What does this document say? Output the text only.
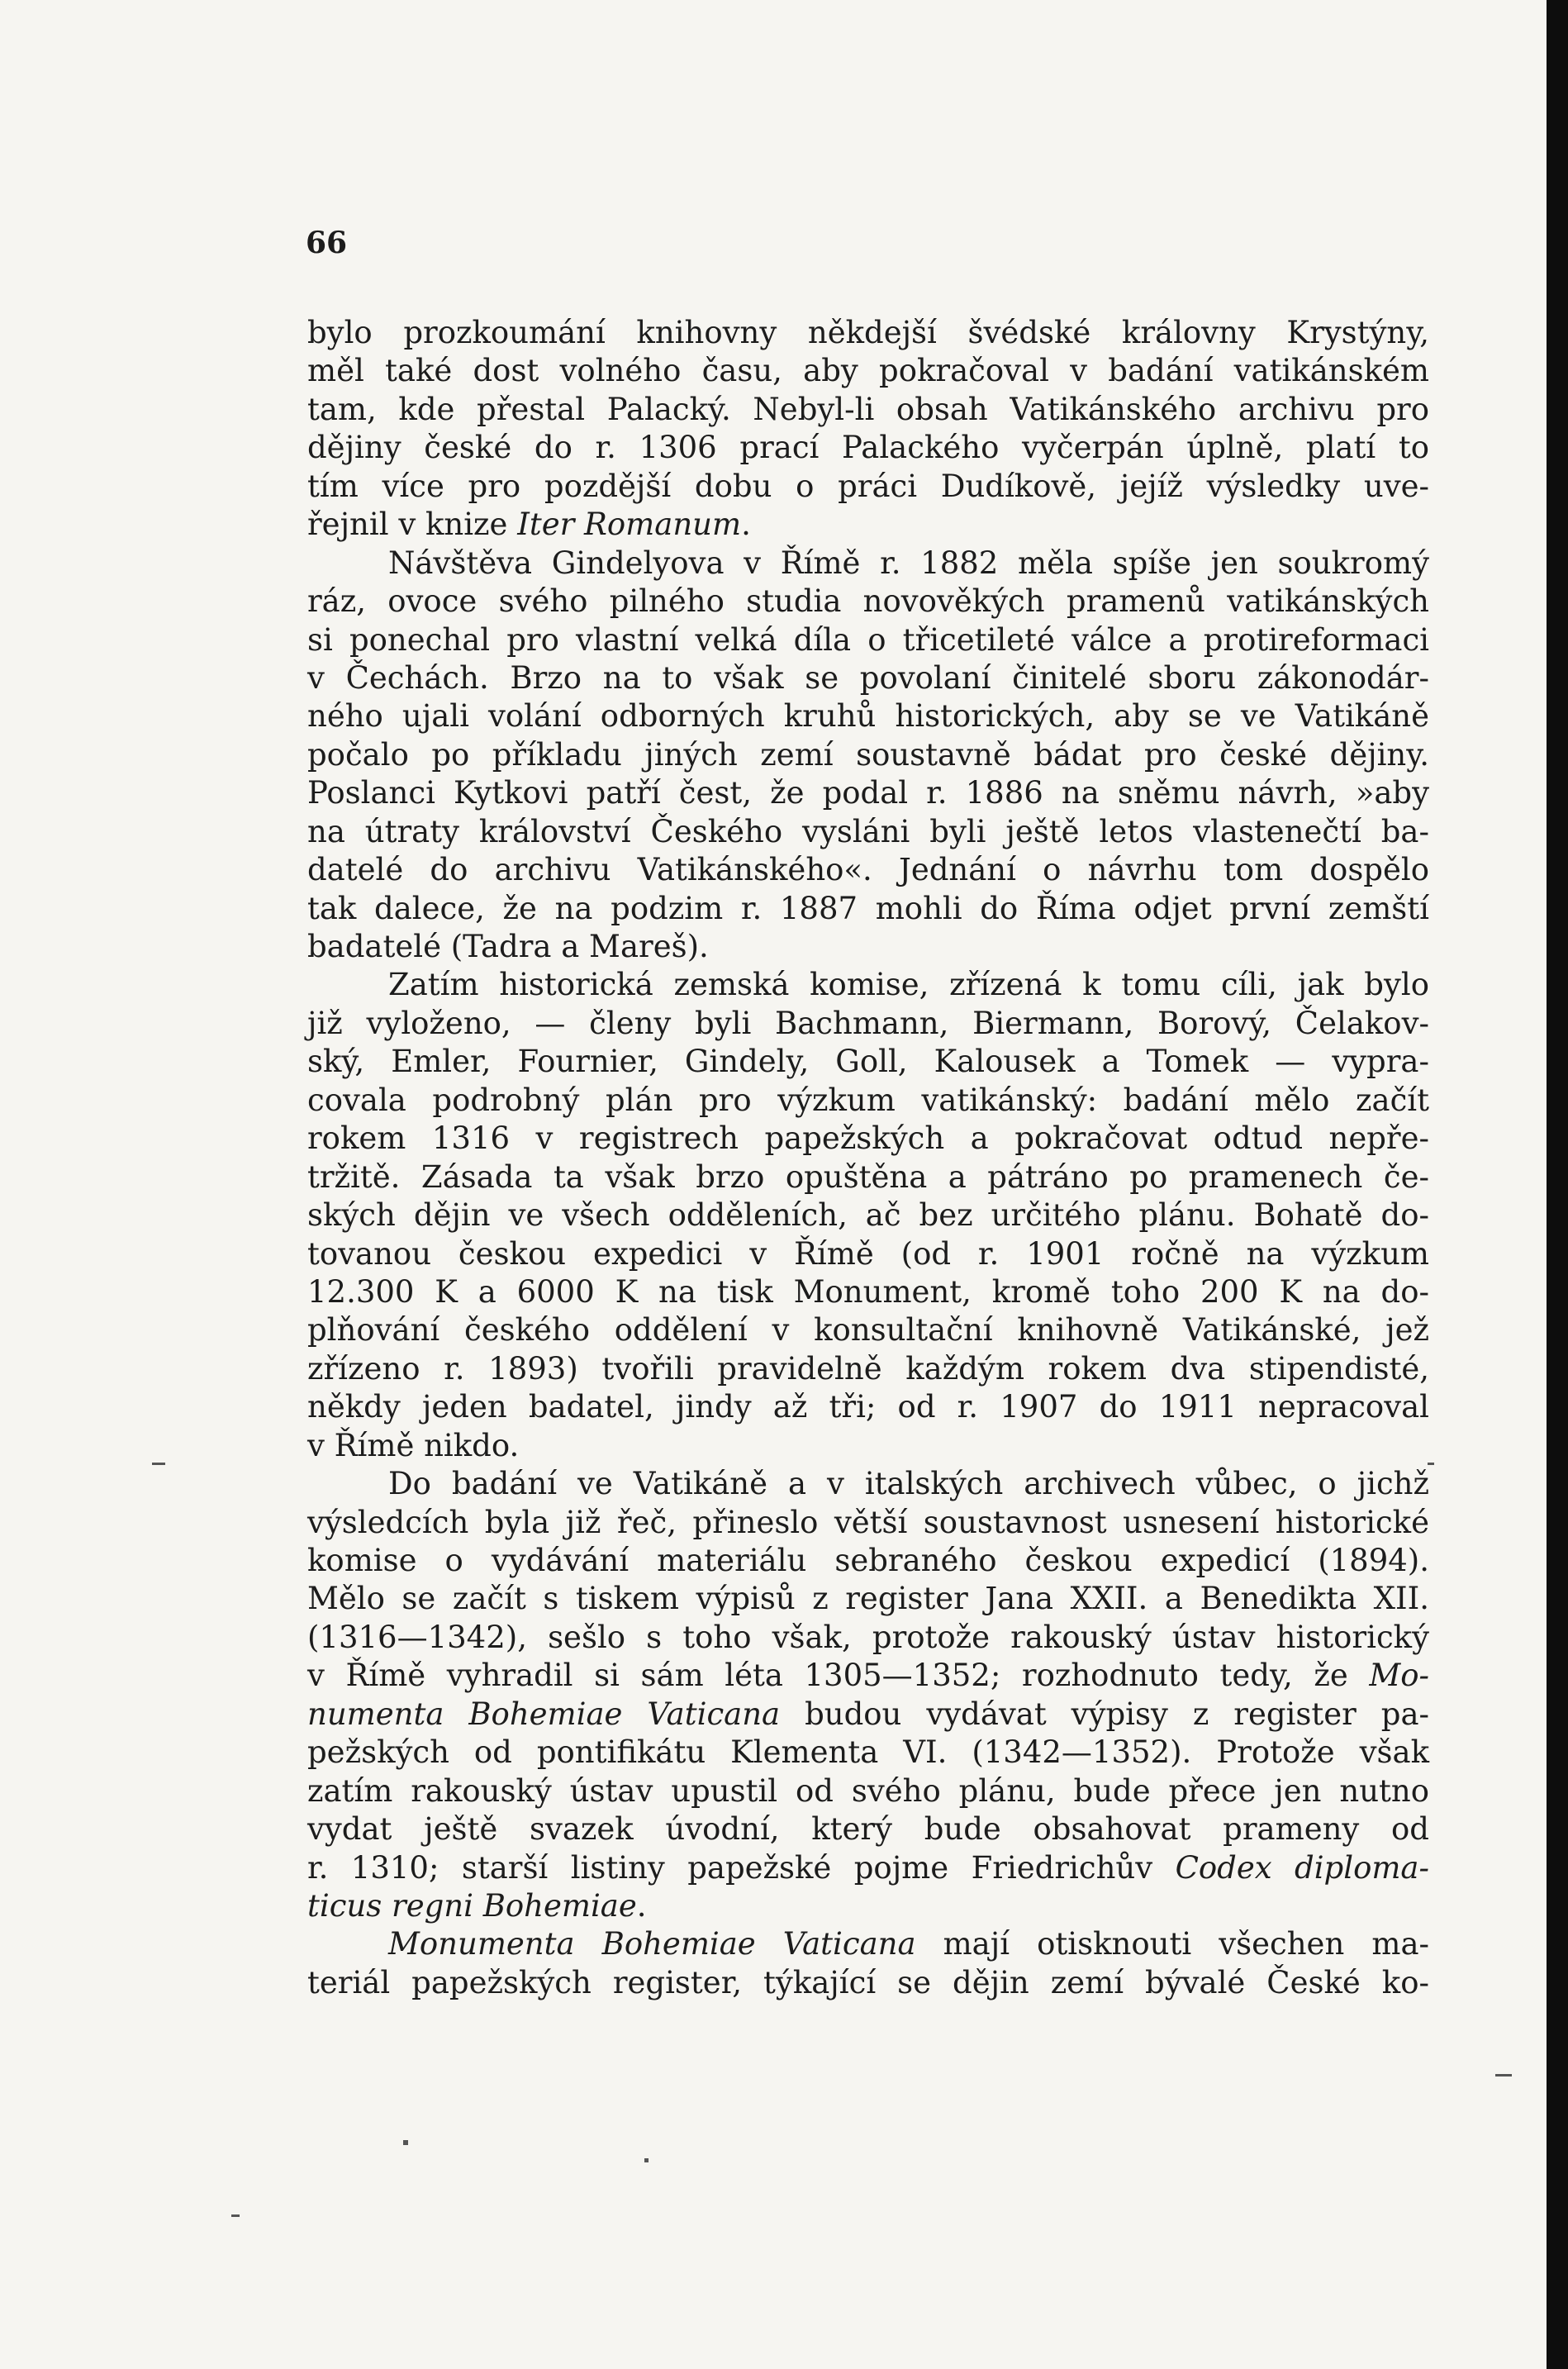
66
bylo prozkoumání knihovny někdejší švédské královny Krystýny,
měl také dost volného času, aby pokračoval v badání vatikánském
tam, kde přestal Palacký. Nebyl-li obsah Vatikánského archivu pro
dějiny české do r. 1306 prací Palackého vyčerpán úplně, platí to
tím více pro pozdější dobu o práci Dudíkově, jejíž výsledky uve-
řejnil v knize Iter Romanum.
Návštěva Gindelyova v Římě r. 1882 měla spíše jen soukromý
ráz, ovoce svého pilného studia novověkých pramenů vatikánských
si ponechal pro vlastní velká díla o třicetileté válce a protireformaci
v Čechách. Brzo na to však se povolaní činitelé sboru zákonodár-
ného ujali volání odborných kruhů historických, aby se ve Vatikáně
počalo po příkladu jiných zemí soustavně bádat pro české dějiny.
Poslanci Kytkovi patří čest, že podal r. 1886 na sněmu návrh, »aby
na útraty království Českého vysláni byli ještě letos vlastenečtí ba-
datelé do archivu Vatikánského«. Jednání o návrhu tom dospělo
tak dalece, že na podzim r. 1887 mohli do Říma odjet první zemští
badatelé (Tadra a Mareš).
Zatím historická zemská komise, zřízená k tomu cíli, jak bylo
již vyloženo, — členy byli Bachmann, Biermann, Borový, Čelakov-
ský, Emler, Fournier, Gindely, Goll, Kalousek a Tomek — vypra-
covala podrobný plán pro výzkum vatikánský: badání mělo začít
rokem 1316 v registrech papežských a pokračovat odtud nepře-
tržitě. Zásada ta však brzo opuštěna a pátráno po pramenech če-
ských dějin ve všech odděleních, ač bez určitého plánu. Bohatě do-
tovanou českou expedici v Římě (od r. 1901 ročně na výzkum
12.300 K a 6000 K na tisk Monument, kromě toho 200 K na do-
plňování českého oddělení v konsultační knihovně Vatikánské, jež
zřízeno r. 1893) tvořili pravidelně každým rokem dva stipendisté,
někdy jeden badatel, jindy až tři; od r. 1907 do 1911 nepracoval
v Římě nikdo.
Do badání ve Vatikáně a v italských archivech vůbec, o jichž
výsledcích byla již řeč, přineslo větší soustavnost usnesení historické
komise o vydávání materiálu sebraného českou expedicí (1894).
Mělo se začít s tiskem výpisů z register Jana XXII. a Benedikta XII.
(1316—1342), sešlo s toho však, protože rakouský ústav historický
v Římě vyhradil si sám léta 1305—1352; rozhodnuto tedy, že Mo-
numenta Bohemiae Vaticana budou vydávat výpisy z register pa-
pežských od pontifikátu Klementa VI. (1342—1352). Protože však
zatím rakouský ústav upustil od svého plánu, bude přece jen nutno
vydat ještě svazek úvodní, který bude obsahovat prameny od
r. 1310; starší listiny papežské pojme Friedrichův Codex diploma-
ticus regni Bohemiae.
Monumenta Bohemiae Vaticana mají otisknouti všechen ma-
teriál papežských register, týkající se dějin zemí bývalé České ko-
